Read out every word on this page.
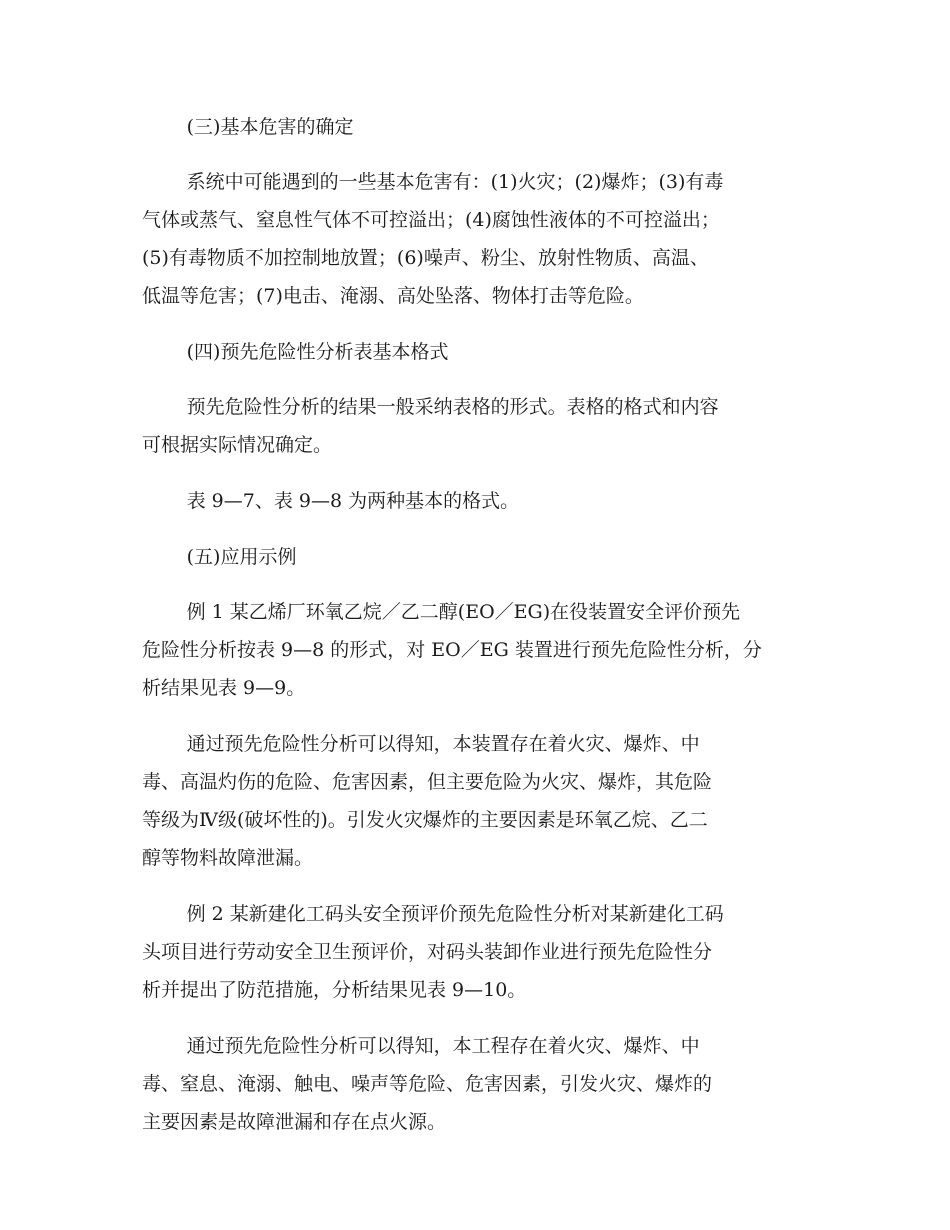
(三)基本危害的确定

系统中可能遇到的一些基本危害有：(1)火灾；(2)爆炸；(3)有毒
气体或蒸气、窒息性气体不可控溢出；(4)腐蚀性液体的不可控溢出；
(5)有毒物质不加控制地放置；(6)噪声、粉尘、放射性物质、高温、
低温等危害；(7)电击、淹溺、高处坠落、物体打击等危险。

(四)预先危险性分析表基本格式

预先危险性分析的结果一般采纳表格的形式。表格的格式和内容
可根据实际情况确定。

表 9—7、表 9—8 为两种基本的格式。

(五)应用示例

例 1 某乙烯厂环氧乙烷／乙二醇(EO／EG)在役装置安全评价预先
危险性分析按表 9—8 的形式，对 EO／EG 装置进行预先危险性分析，分
析结果见表 9—9。

通过预先危险性分析可以得知，本装置存在着火灾、爆炸、中
毒、高温灼伤的危险、危害因素，但主要危险为火灾、爆炸，其危险
等级为Ⅳ级(破坏性的)。引发火灾爆炸的主要因素是环氧乙烷、乙二
醇等物料故障泄漏。

例 2 某新建化工码头安全预评价预先危险性分析对某新建化工码
头项目进行劳动安全卫生预评价，对码头装卸作业进行预先危险性分
析并提出了防范措施，分析结果见表 9—10。

通过预先危险性分析可以得知，本工程存在着火灾、爆炸、中
毒、窒息、淹溺、触电、噪声等危险、危害因素，引发火灾、爆炸的
主要因素是故障泄漏和存在点火源。
